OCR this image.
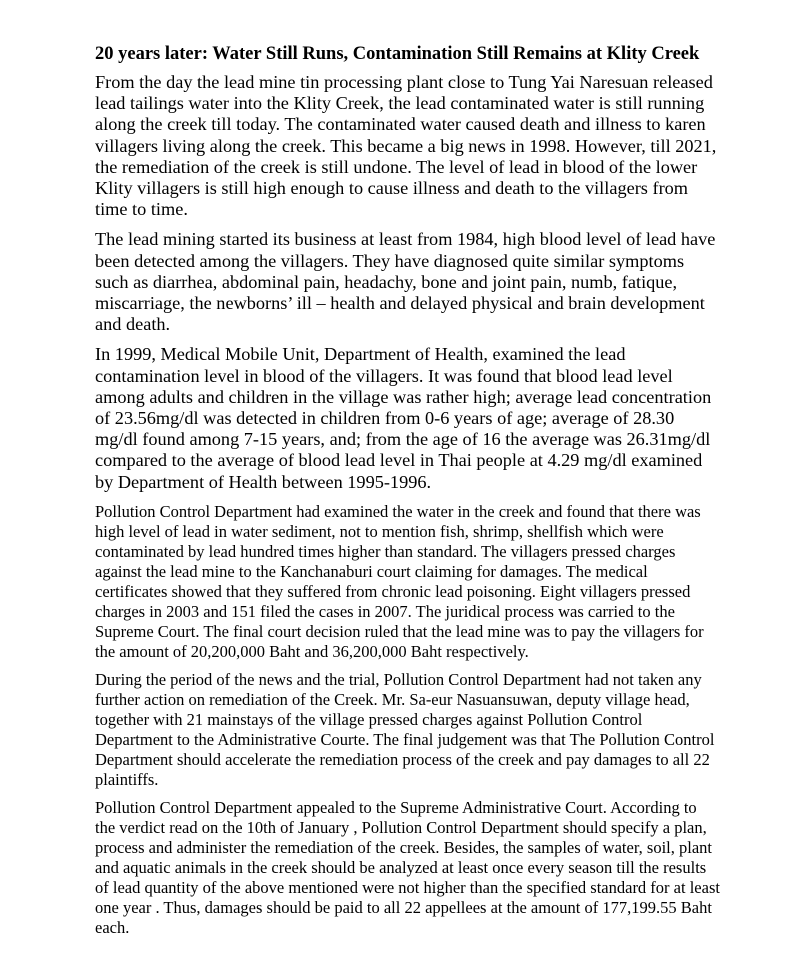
20 years later: Water Still Runs, Contamination Still Remains at Klity Creek

From the day the lead mine tin processing plant close to Tung Yai Naresuan released lead tailings water into the Klity Creek, the lead contaminated water is still running along the creek till today. The contaminated water caused death and illness to karen villagers living along the creek. This became a big news in 1998. However, till 2021, the remediation of the creek is still undone. The level of lead in blood of the lower Klity villagers is still high enough to cause illness and death to the villagers from time to time.

The lead mining started its business at least from 1984, high blood level of lead have been detected among the villagers. They have diagnosed quite similar symptoms such as diarrhea, abdominal pain, headachy, bone and joint pain, numb, fatique, miscarriage, the newborns’ ill – health and delayed physical and brain development and death.

In 1999, Medical Mobile Unit, Department of Health, examined the lead contamination level in blood of the villagers. It was found that blood lead level among adults and children in the village was rather high; average lead concentration of 23.56mg/dl was detected in children from 0-6 years of age; average of 28.30 mg/dl found among 7-15 years, and; from the age of 16 the average was 26.31mg/dl compared to the average of blood lead level in Thai people at 4.29 mg/dl examined by Department of Health between 1995-1996.

Pollution Control Department had examined the water in the creek and found that there was high level of lead in water sediment, not to mention fish, shrimp, shellfish which were contaminated by lead hundred times higher than standard. The villagers pressed charges against the lead mine to the Kanchanaburi court claiming for damages. The medical certificates showed that they suffered from chronic lead poisoning. Eight villagers pressed charges in 2003 and 151 filed the cases in 2007. The juridical process was carried to the Supreme Court. The final court decision ruled that the lead mine was to pay the villagers for the amount of 20,200,000 Baht and 36,200,000 Baht respectively.

During the period of the news and the trial, Pollution Control Department had not taken any further action on remediation of the Creek. Mr. Sa-eur Nasuansuwan, deputy village head, together with 21 mainstays of the village pressed charges against Pollution Control Department to the Administrative Courte. The final judgement was that The Pollution Control Department should accelerate the remediation process of the creek and pay damages to all 22 plaintiffs.

Pollution Control Department appealed to the Supreme Administrative Court. According to the verdict read on the 10th of January , Pollution Control Department should specify a plan, process and administer the remediation of the creek. Besides, the samples of water, soil, plant and aquatic animals in the creek should be analyzed at least once every season till the results of lead quantity of the above mentioned were not higher than the specified standard for at least one year . Thus, damages should be paid to all 22 appellees at the amount of 177,199.55 Baht each.
